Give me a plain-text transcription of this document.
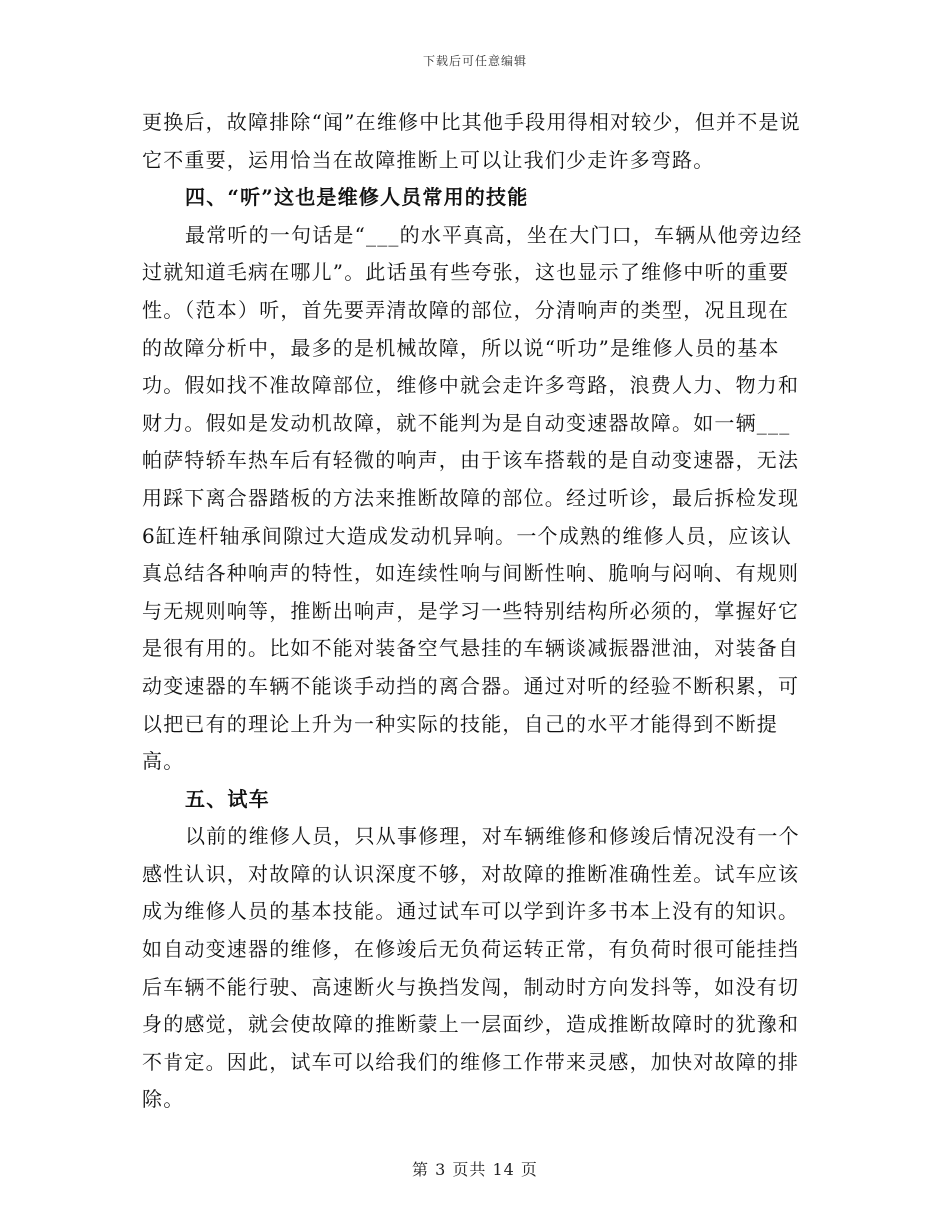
下载后可任意编辑

更换后，故障排除“闻”在维修中比其他手段用得相对较少，但并不是说它不重要，运用恰当在故障推断上可以让我们少走许多弯路。

四、“听”这也是维修人员常用的技能

最常听的一句话是“___的水平真高，坐在大门口，车辆从他旁边经过就知道毛病在哪儿”。此话虽有些夸张，这也显示了维修中听的重要性。（范本）听，首先要弄清故障的部位，分清响声的类型，况且现在的故障分析中，最多的是机械故障，所以说“听功”是维修人员的基本功。假如找不准故障部位，维修中就会走许多弯路，浪费人力、物力和财力。假如是发动机故障，就不能判为是自动变速器故障。如一辆___帕萨特轿车热车后有轻微的响声，由于该车搭载的是自动变速器，无法用踩下离合器踏板的方法来推断故障的部位。经过听诊，最后拆检发现6缸连杆轴承间隙过大造成发动机异响。一个成熟的维修人员，应该认真总结各种响声的特性，如连续性响与间断性响、脆响与闷响、有规则与无规则响等，推断出响声，是学习一些特别结构所必须的，掌握好它是很有用的。比如不能对装备空气悬挂的车辆谈减振器泄油，对装备自动变速器的车辆不能谈手动挡的离合器。通过对听的经验不断积累，可以把已有的理论上升为一种实际的技能，自己的水平才能得到不断提高。

五、试车

以前的维修人员，只从事修理，对车辆维修和修竣后情况没有一个感性认识，对故障的认识深度不够，对故障的推断准确性差。试车应该成为维修人员的基本技能。通过试车可以学到许多书本上没有的知识。如自动变速器的维修，在修竣后无负荷运转正常，有负荷时很可能挂挡后车辆不能行驶、高速断火与换挡发闯，制动时方向发抖等，如没有切身的感觉，就会使故障的推断蒙上一层面纱，造成推断故障时的犹豫和不肯定。因此，试车可以给我们的维修工作带来灵感，加快对故障的排除。

第 3 页共 14 页
